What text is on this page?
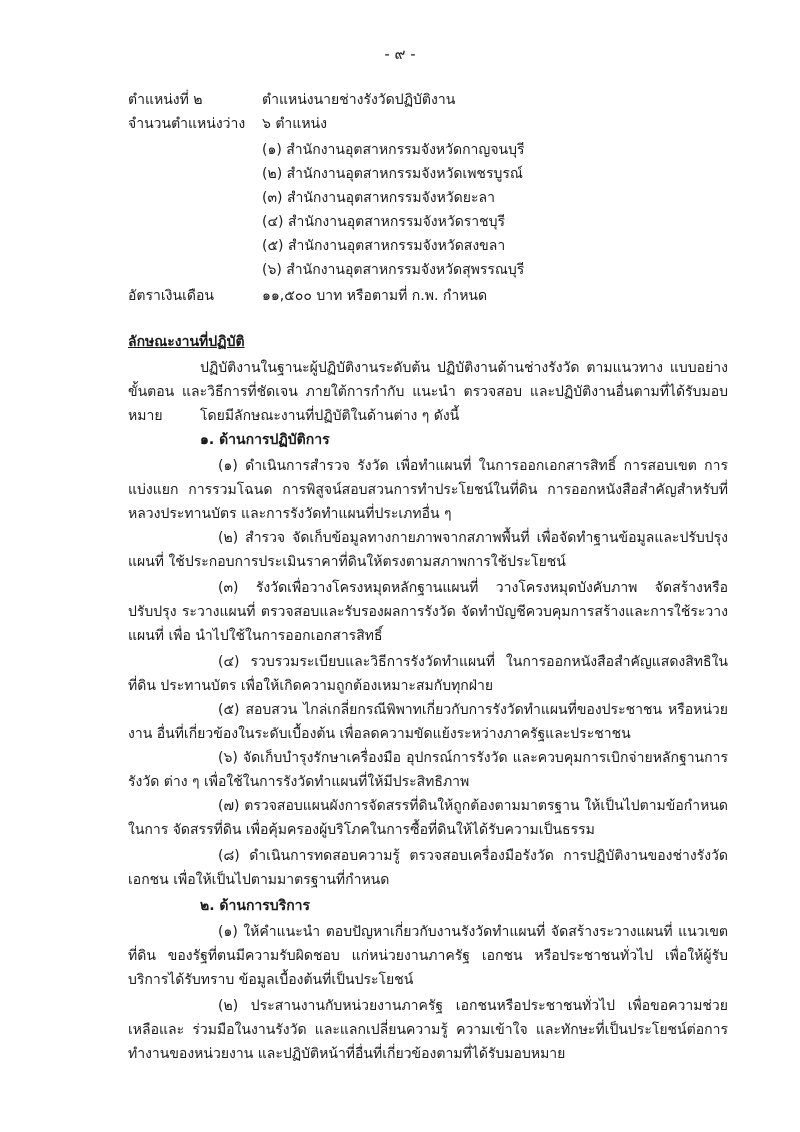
- ๙ -
ตำแหน่งที่ ๒	ตำแหน่งนายช่างรังวัดปฏิบัติงาน
จำนวนตำแหน่งว่าง ๖ ตำแหน่ง
(๑) สำนักงานอุตสาหกรรมจังหวัดกาญจนบุรี
(๒) สำนักงานอุตสาหกรรมจังหวัดเพชรบูรณ์
(๓) สำนักงานอุตสาหกรรมจังหวัดยะลา
(๔) สำนักงานอุตสาหกรรมจังหวัดราชบุรี
(๕) สำนักงานอุตสาหกรรมจังหวัดสงขลา
(๖) สำนักงานอุตสาหกรรมจังหวัดสุพรรณบุรี
อัตราเงินเดือน	๑๑,๕๐๐ บาท หรือตามที่ ก.พ. กำหนด
ลักษณะงานที่ปฏิบัติ

ปฏิบัติงานในฐานะผู้ปฏิบัติงานระดับต้น ปฏิบัติงานด้านช่างรังวัด ตามแนวทาง แบบอย่าง ขั้นตอน และวิธีการที่ชัดเจน ภายใต้การกำกับ แนะนำ ตรวจสอบ และปฏิบัติงานอื่นตามที่ได้รับมอบหมาย	โดยมีลักษณะงานที่ปฏิบัติในด้านต่าง ๆ ดังนี้

๑. ด้านการปฏิบัติการ

(๑) ดำเนินการสำรวจ รังวัด เพื่อทำแผนที่ ในการออกเอกสารสิทธิ์ การสอบเขต การแบ่งแยก การรวมโฉนด การพิสูจน์สอบสวนการทำประโยชน์ในที่ดิน การออกหนังสือสำคัญสำหรับที่หลวงประทานบัตร และการรังวัดทำแผนที่ประเภทอื่น ๆ

(๒) สำรวจ จัดเก็บข้อมูลทางกายภาพจากสภาพพื้นที่ เพื่อจัดทำฐานข้อมูลและปรับปรุงแผนที่ ใช้ประกอบการประเมินราคาที่ดินให้ตรงตามสภาพการใช้ประโยชน์

(๓) รังวัดเพื่อวางโครงหมุดหลักฐานแผนที่ วางโครงหมุดบังคับภาพ จัดสร้างหรือปรับปรุง ระวางแผนที่ ตรวจสอบและรับรองผลการรังวัด จัดทำบัญชีควบคุมการสร้างและการใช้ระวางแผนที่ เพื่อ นำไปใช้ในการออกเอกสารสิทธิ์

(๔) รวบรวมระเบียบและวิธีการรังวัดทำแผนที่ ในการออกหนังสือสำคัญแสดงสิทธิในที่ดิน ประทานบัตร เพื่อให้เกิดความถูกต้องเหมาะสมกับทุกฝ่าย

(๕) สอบสวน ไกล่เกลี่ยกรณีพิพาทเกี่ยวกับการรังวัดทำแผนที่ของประชาชน หรือหน่วยงาน อื่นที่เกี่ยวข้องในระดับเบื้องต้น เพื่อลดความขัดแย้งระหว่างภาครัฐและประชาชน

(๖) จัดเก็บบำรุงรักษาเครื่องมือ อุปกรณ์การรังวัด และควบคุมการเบิกจ่ายหลักฐานการรังวัด ต่าง ๆ เพื่อใช้ในการรังวัดทำแผนที่ให้มีประสิทธิภาพ

(๗) ตรวจสอบแผนผังการจัดสรรที่ดินให้ถูกต้องตามมาตรฐาน ให้เป็นไปตามข้อกำหนดในการ จัดสรรที่ดิน เพื่อคุ้มครองผู้บริโภคในการซื้อที่ดินให้ได้รับความเป็นธรรม

(๘) ดำเนินการทดสอบความรู้ ตรวจสอบเครื่องมือรังวัด การปฏิบัติงานของช่างรังวัดเอกชน เพื่อให้เป็นไปตามมาตรฐานที่กำหนด

๒. ด้านการบริการ

(๑) ให้คำแนะนำ ตอบปัญหาเกี่ยวกับงานรังวัดทำแผนที่ จัดสร้างระวางแผนที่ แนวเขตที่ดิน ของรัฐที่ตนมีความรับผิดชอบ แก่หน่วยงานภาครัฐ เอกชน หรือประชาชนทั่วไป เพื่อให้ผู้รับบริการได้รับทราบ ข้อมูลเบื้องต้นที่เป็นประโยชน์

(๒) ประสานงานกับหน่วยงานภาครัฐ เอกชนหรือประชาชนทั่วไป เพื่อขอความช่วยเหลือและ ร่วมมือในงานรังวัด และแลกเปลี่ยนความรู้ ความเข้าใจ และทักษะที่เป็นประโยชน์ต่อการทำงานของหน่วยงาน และปฏิบัติหน้าที่อื่นที่เกี่ยวข้องตามที่ได้รับมอบหมาย
